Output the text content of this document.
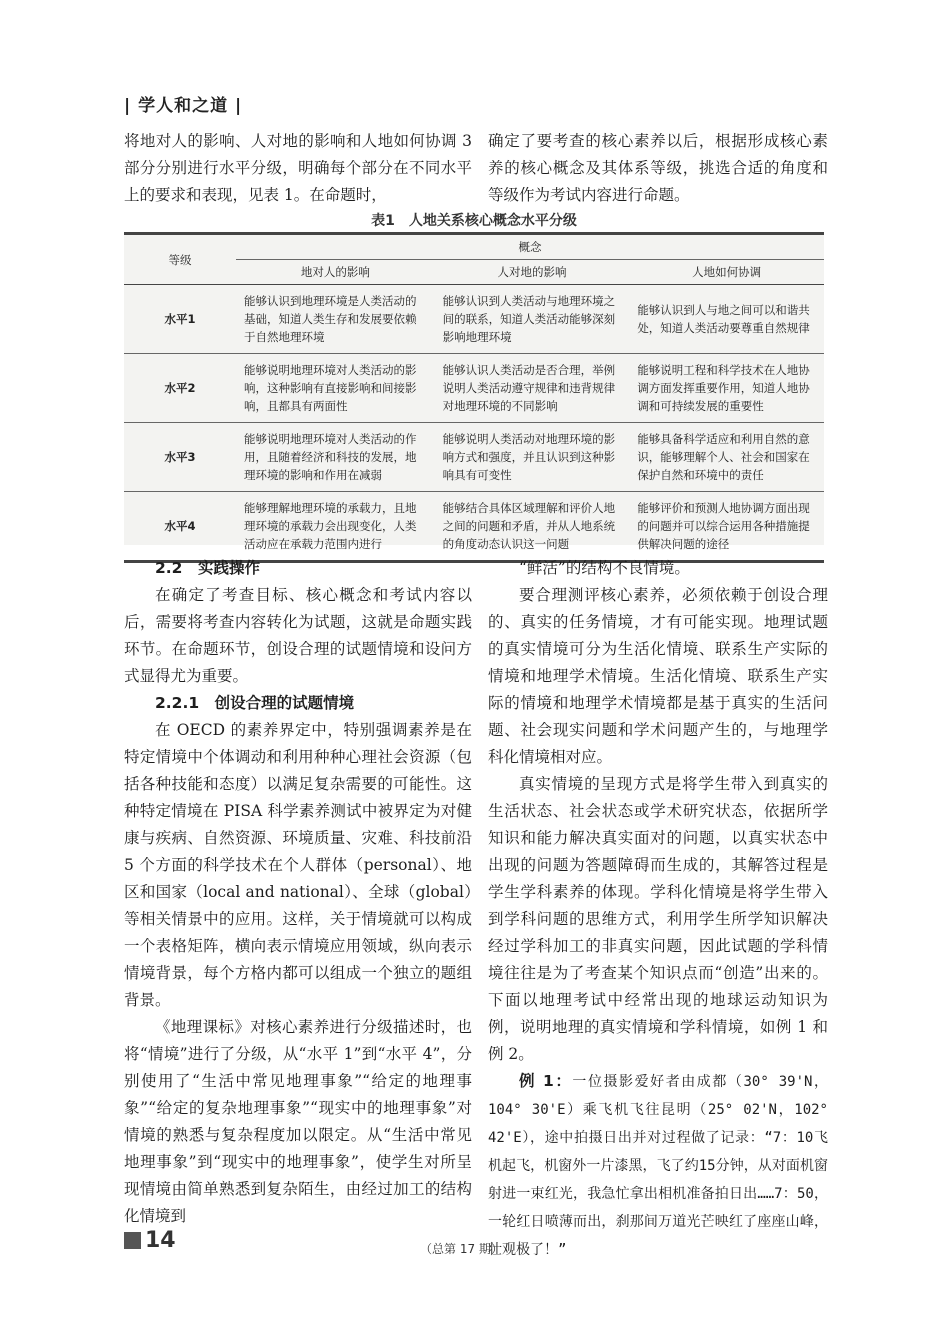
| 学人和之道 |

将地对人的影响、人对地的影响和人地如何协调 3 部分分别进行水平分级，明确每个部分在不同水平上的要求和表现，见表 1。在命题时，

确定了要考查的核心素养以后，根据形成核心素养的核心概念及其体系等级，挑选合适的角度和等级作为考试内容进行命题。

表1　人地关系核心概念水平分级
等级	概念		
	地对人的影响	人对地的影响	人地如何协调
水平1	能够认识到地理环境是人类活动的基础，知道人类生存和发展要依赖于自然地理环境	能够认识到人类活动与地理环境之间的联系，知道人类活动能够深刻影响地理环境	能够认识到人与地之间可以和谐共处，知道人类活动要尊重自然规律
水平2	能够说明地理环境对人类活动的影响，这种影响有直接影响和间接影响，且都具有两面性	能够认识人类活动是否合理，举例说明人类活动遵守规律和违背规律对地理环境的不同影响	能够说明工程和科学技术在人地协调方面发挥重要作用，知道人地协调和可持续发展的重要性
水平3	能够说明地理环境对人类活动的作用，且随着经济和科技的发展，地理环境的影响和作用在减弱	能够说明人类活动对地理环境的影响方式和强度，并且认识到这种影响具有可变性	能够具备科学适应和利用自然的意识，能够理解个人、社会和国家在保护自然和环境中的责任
水平4	能够理解地理环境的承载力，且地理环境的承载力会出现变化，人类活动应在承载力范围内进行	能够结合具体区域理解和评价人地之间的问题和矛盾，并从人地系统的角度动态认识这一问题	能够评价和预测人地协调方面出现的问题并可以综合运用各种措施提供解决问题的途径

2.2　实践操作

在确定了考查目标、核心概念和考试内容以后，需要将考查内容转化为试题，这就是命题实践环节。在命题环节，创设合理的试题情境和设问方式显得尤为重要。

2.2.1　创设合理的试题情境

在 OECD 的素养界定中，特别强调素养是在特定情境中个体调动和利用种种心理社会资源（包括各种技能和态度）以满足复杂需要的可能性。这种特定情境在 PISA 科学素养测试中被界定为对健康与疾病、自然资源、环境质量、灾难、科技前沿 5 个方面的科学技术在个人群体（personal）、地区和国家（local and national）、全球（global）等相关情景中的应用。这样，关于情境就可以构成一个表格矩阵，横向表示情境应用领域，纵向表示情境背景，每个方格内都可以组成一个独立的题组背景。

《地理课标》对核心素养进行分级描述时，也将“情境”进行了分级，从“水平 1”到“水平 4”，分别使用了“生活中常见地理事象”“给定的地理事象”“给定的复杂地理事象”“现实中的地理事象”对情境的熟悉与复杂程度加以限定。从“生活中常见地理事象”到“现实中的地理事象”，使学生对所呈现情境由简单熟悉到复杂陌生，由经过加工的结构化情境到

“鲜活”的结构不良情境。

要合理测评核心素养，必须依赖于创设合理的、真实的任务情境，才有可能实现。地理试题的真实情境可分为生活化情境、联系生产实际的情境和地理学术情境。生活化情境、联系生产实际的情境和地理学术情境都是基于真实的生活问题、社会现实问题和学术问题产生的，与地理学科化情境相对应。

真实情境的呈现方式是将学生带入到真实的生活状态、社会状态或学术研究状态，依据所学知识和能力解决真实面对的问题，以真实状态中出现的问题为答题障碍而生成的，其解答过程是学生学科素养的体现。学科化情境是将学生带入到学科问题的思维方式，利用学生所学知识解决经过学科加工的非真实问题，因此试题的学科情境往往是为了考查某个知识点而“创造”出来的。下面以地理考试中经常出现的地球运动知识为例，说明地理的真实情境和学科情境，如例 1 和例 2。

例 1：一位摄影爱好者由成都（30° 39'N，104° 30'E）乘飞机飞往昆明（25° 02'N，102° 42'E），途中拍摄日出并对过程做了记录：“7：10飞机起飞，机窗外一片漆黑，飞了约15分钟，从对面机窗射进一束红光，我急忙拿出相机准备拍日出……7：50，一轮红日喷薄而出，刹那间万道光芒映红了座座山峰，壮观极了！”

14	（总第 17 期）
